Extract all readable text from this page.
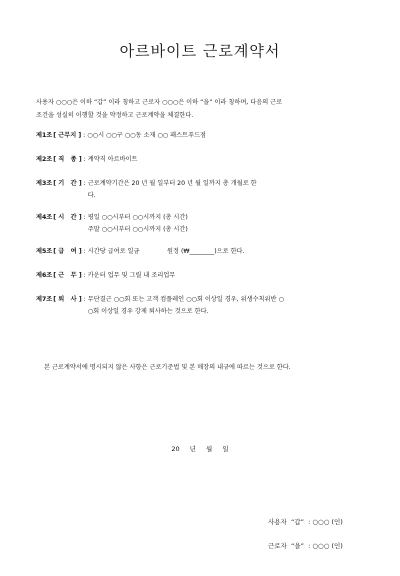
아르바이트 근로계약서
사용자 ○○○은 이하 “갑” 이라 칭하고 근로자 ○○○은 이하 “을” 이라 칭하며, 다음의 근로
조건을 성실히 이행할 것을 약정하고 근로계약을 체결한다.
제1조 [ 근무지 ] : ○○시 ○○구 ○○동 소재 ○○ 패스트푸드점
제2조 [ 직   종 ] : 계약직 아르바이트
제3조 [ 기   간 ] : 근로계약기간은 20 년 월 일부터 20 년 월 일까지 총 개월로 한
다.
제4조 [ 시   간 ] : 평일 ○○시부터 ○○시까지 (총 시간)
주말 ○○시부터 ○○시까지 (총 시간)
제5조 [ 급   여 ] : 시간당 급여로 일금              원정 (₩________)으로 한다.
제6조 [ 근   무 ] : 카운터 업무 및 그릴 내 조리업무
제7조 [ 퇴   사 ] : 무단결근 ○○회 또는 고객 컴플레인 ○○회 이상일 경우, 위생수칙위반 ○
○회 이상일 경우 강제 퇴사하는 것으로 한다.
본 근로계약서에 명시되지 않은 사항은 근로기준법 및 본 매장의 내규에 따르는 것으로 한다.
20 년 월 일
사용자  “갑”  : ○○○ (인)
근로자  “을”  : ○○○ (인)
